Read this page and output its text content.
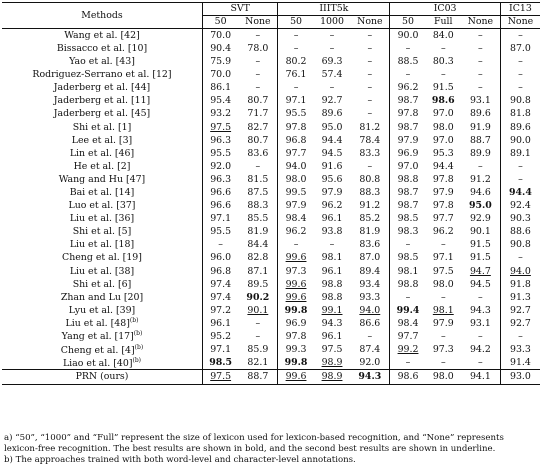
Methods	SVT		IIIT5k			IC03			IC13
	50	None	50	1000	None	50	Full	None	None
Wang et al. [42]	70.0	–	–	–	–	90.0	84.0	–	–
Bissacco et al. [10]	90.4	78.0	–	–	–	–	–	–	87.0
Yao et al. [43]	75.9	–	80.2	69.3	–	88.5	80.3	–	–
Rodriguez-Serrano et al. [12]	70.0	–	76.1	57.4	–	–	–	–	–
Jaderberg et al. [44]	86.1	–	–	–	–	96.2	91.5	–	–
Jaderberg et al. [11]	95.4	80.7	97.1	92.7	–	98.7	98.6	93.1	90.8
Jaderberg et al. [45]	93.2	71.7	95.5	89.6	–	97.8	97.0	89.6	81.8
Shi et al. [1]	97.5	82.7	97.8	95.0	81.2	98.7	98.0	91.9	89.6
Lee et al. [3]	96.3	80.7	96.8	94.4	78.4	97.9	97.0	88.7	90.0
Lin et al. [46]	95.5	83.6	97.7	94.5	83.3	96.9	95.3	89.9	89.1
He et al. [2]	92.0	–	94.0	91.6	–	97.0	94.4	–	–
Wang and Hu [47]	96.3	81.5	98.0	95.6	80.8	98.8	97.8	91.2	–
Bai et al. [14]	96.6	87.5	99.5	97.9	88.3	98.7	97.9	94.6	94.4
Luo et al. [37]	96.6	88.3	97.9	96.2	91.2	98.7	97.8	95.0	92.4
Liu et al. [36]	97.1	85.5	98.4	96.1	85.2	98.5	97.7	92.9	90.3
Shi et al. [5]	95.5	81.9	96.2	93.8	81.9	98.3	96.2	90.1	88.6
Liu et al. [18]	–	84.4	–	–	83.6	–	–	91.5	90.8
Cheng et al. [19]	96.0	82.8	99.6	98.1	87.0	98.5	97.1	91.5	–
Liu et al. [38]	96.8	87.1	97.3	96.1	89.4	98.1	97.5	94.7	94.0
Shi et al. [6]	97.4	89.5	99.6	98.8	93.4	98.8	98.0	94.5	91.8
Zhan and Lu [20]	97.4	90.2	99.6	98.8	93.3	–	–	–	91.3
Lyu et al. [39]	97.2	90.1	99.8	99.1	94.0	99.4	98.1	94.3	92.7
Liu et al. $[48]^{(b)}$	96.1	–	96.9	94.3	86.6	98.4	97.9	93.1	92.7
Yang et al. $[17]^{(b)}$	95.2	–	97.8	96.1	–	97.7	–	–	–
Cheng et al. $[4]^{(b)}$	97.1	85.9	99.3	97.5	87.4	99.2	97.3	94.2	93.3
Liao et al. $[40]^{(b)}$	98.5	82.1	99.8	98.9	92.0	–	–	–	91.4
PRN (ours)	97.5	88.7	99.6	98.9	94.3	98.6	98.0	94.1	93.0

a) “50”, “1000” and “Full” represent the size of lexicon used for lexicon-based recognition, and “None” represents lexicon-free recognition. The best results are shown in bold, and the second best results are shown in underline.

b) The approaches trained with both word-level and character-level annotations.
